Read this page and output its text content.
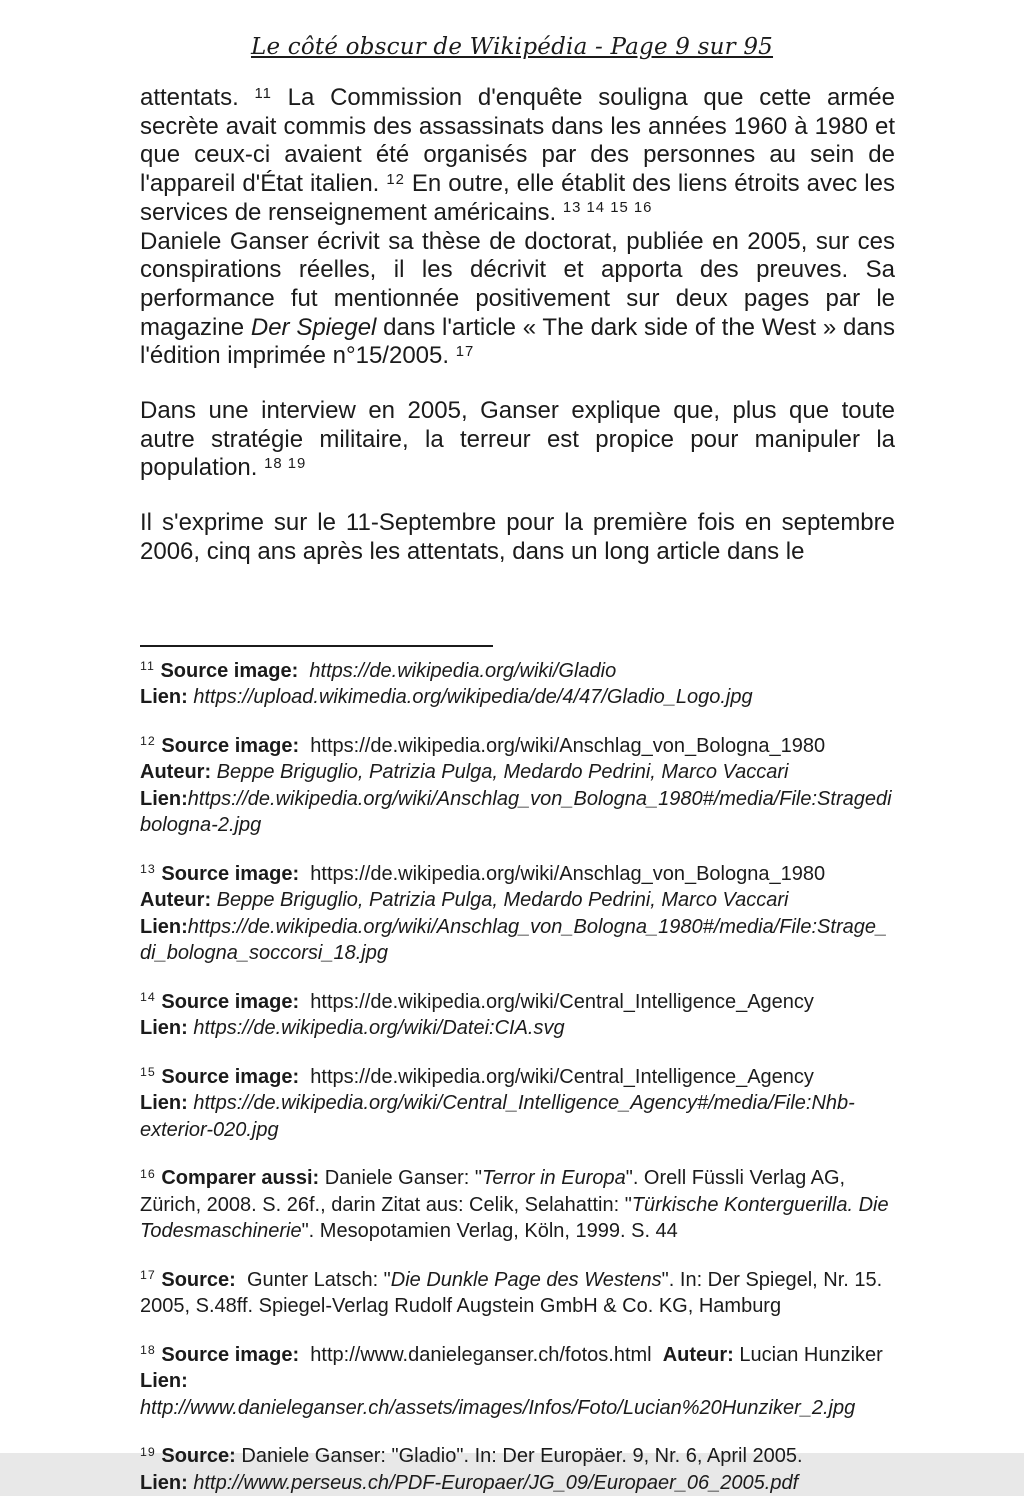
Le côté obscur de Wikipédia - Page 9 sur 95

attentats. $^{11}$ La Commission d'enquête souligna que cette armée secrète avait commis des assassinats dans les années 1960 à 1980 et que ceux-ci avaient été organisés par des personnes au sein de l'appareil d'État italien. $^{12}$ En outre, elle établit des liens étroits avec les services de renseignement américains. $^{13 14 15 16}$

Daniele Ganser écrivit sa thèse de doctorat, publiée en 2005, sur ces conspirations réelles, il les décrivit et apporta des preuves. Sa performance fut mentionnée positivement sur deux pages par le magazine Der Spiegel dans l'article « The dark side of the West » dans l'édition imprimée n°15/2005. $^{17}$

Dans une interview en 2005, Ganser explique que, plus que toute autre stratégie militaire, la terreur est propice pour manipuler la population. $^{18 19}$

Il s'exprime sur le 11-Septembre pour la première fois en septembre 2006, cinq ans après les attentats, dans un long article dans le

$^{11}$ Source image: https://de.wikipedia.org/wiki/Gladio
Lien: https://upload.wikimedia.org/wikipedia/de/4/47/Gladio_Logo.jpg
$^{12}$ Source image:  https://de.wikipedia.org/wiki/Anschlag_von_Bologna_1980
Auteur: Beppe Briguglio, Patrizia Pulga, Medardo Pedrini, Marco Vaccari
Lien:https://de.wikipedia.org/wiki/Anschlag_von_Bologna_1980#/media/File:Stragedibologna-2.jpg
$^{13}$ Source image:  https://de.wikipedia.org/wiki/Anschlag_von_Bologna_1980
Auteur: Beppe Briguglio, Patrizia Pulga, Medardo Pedrini, Marco Vaccari
Lien:https://de.wikipedia.org/wiki/Anschlag_von_Bologna_1980#/media/File:Strage_di_bologna_soccorsi_18.jpg
$^{14}$ Source image:  https://de.wikipedia.org/wiki/Central_Intelligence_Agency
Lien: https://de.wikipedia.org/wiki/Datei:CIA.svg
$^{15}$ Source image:  https://de.wikipedia.org/wiki/Central_Intelligence_Agency
Lien: https://de.wikipedia.org/wiki/Central_Intelligence_Agency#/media/File:Nhb-exterior-020.jpg
$^{16}$ Comparer aussi: Daniele Ganser: "Terror in Europa". Orell Füssli Verlag AG, Zürich, 2008. S. 26f., darin Zitat aus: Celik, Selahattin: "Türkische Konterguerilla. Die Todesmaschinerie". Mesopotamien Verlag, Köln, 1999. S. 44
$^{17}$ Source:  Gunter Latsch: "Die Dunkle Page des Westens". In: Der Spiegel, Nr. 15. 2005, S.48ff. Spiegel-Verlag Rudolf Augstein GmbH & Co. KG, Hamburg
$^{18}$ Source image:  http://www.danieleganser.ch/fotos.html  Auteur: Lucian Hunziker
Lien: http://www.danieleganser.ch/assets/images/Infos/Foto/Lucian%20Hunziker_2.jpg
$^{19}$ Source: Daniele Ganser: "Gladio". In: Der Europäer. 9, Nr. 6, April 2005.
Lien: http://www.perseus.ch/PDF-Europaer/JG_09/Europaer_06_2005.pdf
